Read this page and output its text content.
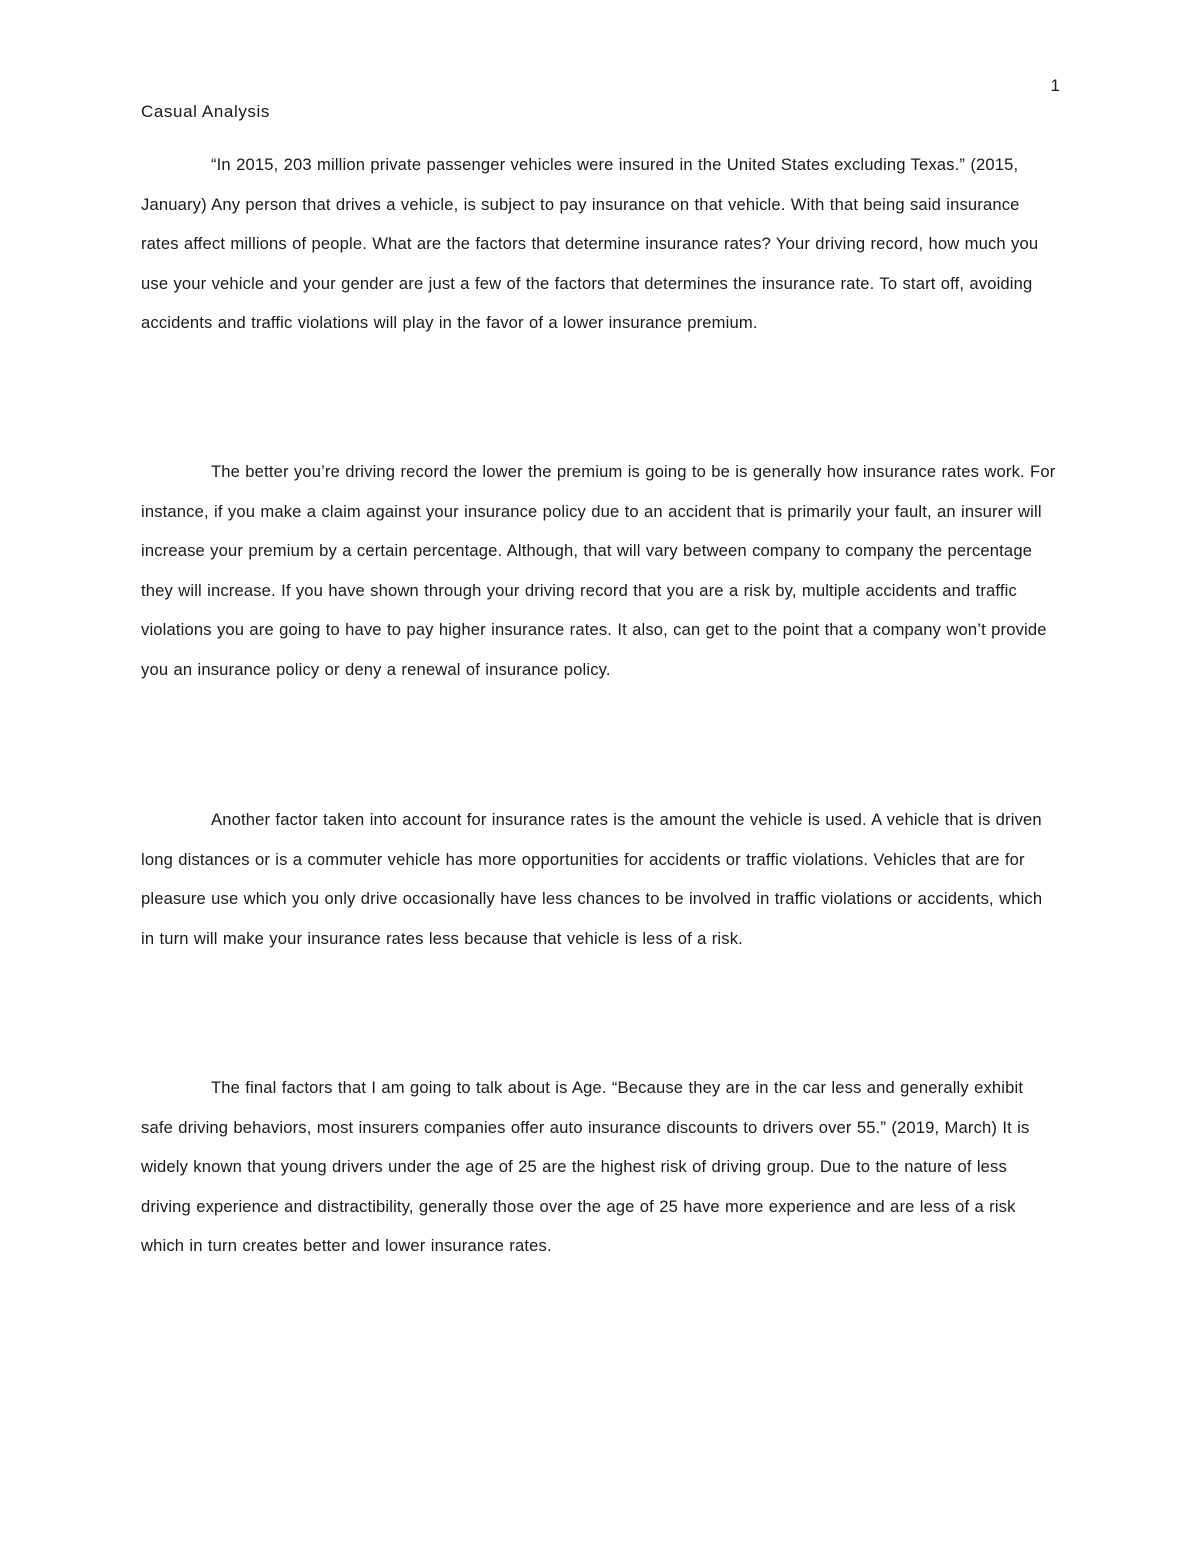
1
Casual Analysis

“In 2015, 203 million private passenger vehicles were insured in the United States excluding Texas.” (2015, January) Any person that drives a vehicle, is subject to pay insurance on that vehicle. With that being said insurance rates affect millions of people. What are the factors that determine insurance rates? Your driving record, how much you use your vehicle and your gender are just a few of the factors that determines the insurance rate. To start off, avoiding accidents and traffic violations will play in the favor of a lower insurance premium.

The better you’re driving record the lower the premium is going to be is generally how insurance rates work. For instance, if you make a claim against your insurance policy due to an accident that is primarily your fault, an insurer will increase your premium by a certain percentage. Although, that will vary between company to company the percentage they will increase. If you have shown through your driving record that you are a risk by, multiple accidents and traffic violations you are going to have to pay higher insurance rates. It also, can get to the point that a company won’t provide you an insurance policy or deny a renewal of insurance policy.

Another factor taken into account for insurance rates is the amount the vehicle is used. A vehicle that is driven long distances or is a commuter vehicle has more opportunities for accidents or traffic violations. Vehicles that are for pleasure use which you only drive occasionally have less chances to be involved in traffic violations or accidents, which in turn will make your insurance rates less because that vehicle is less of a risk.

The final factors that I am going to talk about is Age. “Because they are in the car less and generally exhibit safe driving behaviors, most insurers companies offer auto insurance discounts to drivers over 55.” (2019, March) It is widely known that young drivers under the age of 25 are the highest risk of driving group. Due to the nature of less driving experience and distractibility, generally those over the age of 25 have more experience and are less of a risk which in turn creates better and lower insurance rates.
